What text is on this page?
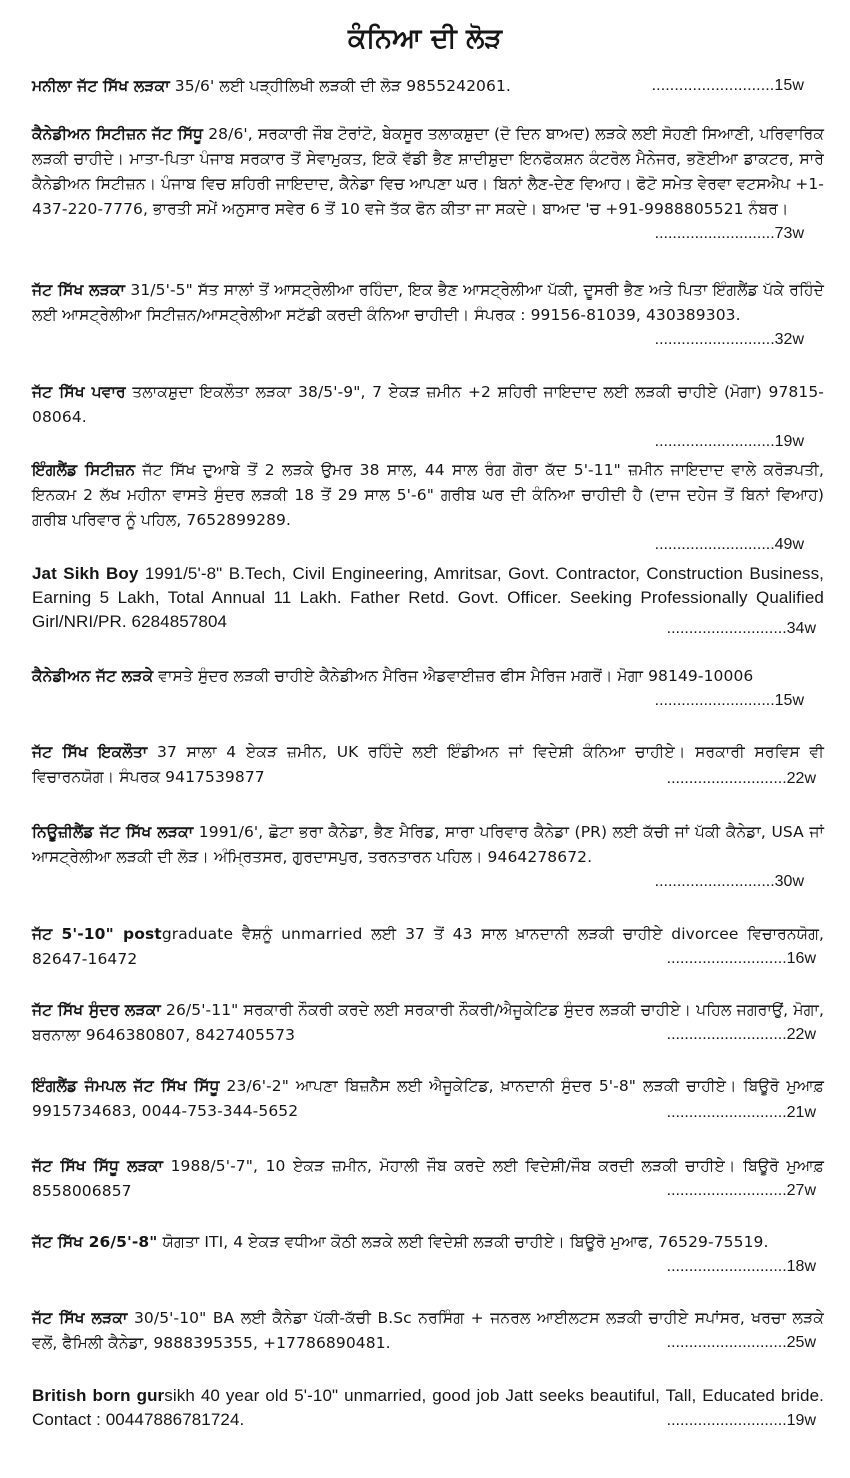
ਕੰਨਿਆ ਦੀ ਲੋੜ

ਮਨੀਲਾ ਜੱਟ ਸਿੱਖ ਲੜਕਾ 35/6' ਲਈ ਪੜ੍ਹੀਲਿਖੀ ਲੜਕੀ ਦੀ ਲੋੜ 9855242061.	...........................15w

ਕੈਨੇਡੀਅਨ ਸਿਟੀਜ਼ਨ ਜੱਟ ਸਿੱਧੂ 28/6', ਸਰਕਾਰੀ ਜੌਬ ਟੋਰਾਂਟੋ, ਬੇਕਸੂਰ ਤਲਾਕਸ਼ੁਦਾ (ਦੋ ਦਿਨ ਬਾਅਦ) ਲੜਕੇ ਲਈ ਸੋਹਣੀ ਸਿਆਣੀ, ਪਰਿਵਾਰਿਕ ਲੜਕੀ ਚਾਹੀਦੇ। ਮਾਤਾ-ਪਿਤਾ ਪੰਜਾਬ ਸਰਕਾਰ ਤੋਂ ਸੇਵਾਮੁਕਤ, ਇਕੋ ਵੱਡੀ ਭੈਣ ਸ਼ਾਦੀਸ਼ੁਦਾ ਇਨਫੋਕਸ਼ਨ ਕੰਟਰੋਲ ਮੈਨੇਜਰ, ਭਣੋਈਆ ਡਾਕਟਰ, ਸਾਰੇ ਕੈਨੇਡੀਅਨ ਸਿਟੀਜ਼ਨ। ਪੰਜਾਬ ਵਿਚ ਸ਼ਹਿਰੀ ਜਾਇਦਾਦ, ਕੈਨੇਡਾ ਵਿਚ ਆਪਣਾ ਘਰ। ਬਿਨਾਂ ਲੈਣ-ਦੇਣ ਵਿਆਹ। ਫੋਟੋ ਸਮੇਤ ਵੇਰਵਾ ਵਟਸਐਪ +1-437-220-7776, ਭਾਰਤੀ ਸਮੇਂ ਅਨੁਸਾਰ ਸਵੇਰ 6 ਤੋਂ 10 ਵਜੇ ਤੱਕ ਫੋਨ ਕੀਤਾ ਜਾ ਸਕਦੇ। ਬਾਅਦ 'ਚ +91-9988805521 ਨੰਬਰ।

...........................73w

ਜੱਟ ਸਿੱਖ ਲੜਕਾ 31/5'-5" ਸੱਤ ਸਾਲਾਂ ਤੋਂ ਆਸਟ੍ਰੇਲੀਆ ਰਹਿੰਦਾ, ਇਕ ਭੈਣ ਆਸਟ੍ਰੇਲੀਆ ਪੱਕੀ, ਦੂਸਰੀ ਭੈਣ ਅਤੇ ਪਿਤਾ ਇੰਗਲੈਂਡ ਪੱਕੇ ਰਹਿੰਦੇ ਲਈ ਆਸਟ੍ਰੇਲੀਆ ਸਿਟੀਜ਼ਨ/ਆਸਟ੍ਰੇਲੀਆ ਸਟੱਡੀ ਕਰਦੀ ਕੰਨਿਆ ਚਾਹੀਦੀ। ਸੰਪਰਕ : 99156-81039, 430389303.

...........................32w

ਜੱਟ ਸਿੱਖ ਪਵਾਰ ਤਲਾਕਸ਼ੁਦਾ ਇਕਲੌਤਾ ਲੜਕਾ 38/5'-9", 7 ਏਕੜ ਜ਼ਮੀਨ +2 ਸ਼ਹਿਰੀ ਜਾਇਦਾਦ ਲਈ ਲੜਕੀ ਚਾਹੀਏ (ਮੋਗਾ) 97815-08064.

...........................19w

ਇੰਗਲੈਂਡ ਸਿਟੀਜ਼ਨ ਜੱਟ ਸਿੱਖ ਦੁਆਬੇ ਤੋਂ 2 ਲੜਕੇ ਉਮਰ 38 ਸਾਲ, 44 ਸਾਲ ਰੰਗ ਗੋਰਾ ਕੱਦ 5'-11" ਜ਼ਮੀਨ ਜਾਇਦਾਦ ਵਾਲੇ ਕਰੋੜਪਤੀ, ਇਨਕਮ 2 ਲੱਖ ਮਹੀਨਾ ਵਾਸਤੇ ਸੁੰਦਰ ਲੜਕੀ 18 ਤੋਂ 29 ਸਾਲ 5'-6" ਗਰੀਬ ਘਰ ਦੀ ਕੰਨਿਆ ਚਾਹੀਦੀ ਹੈ (ਦਾਜ ਦਹੇਜ ਤੋਂ ਬਿਨਾਂ ਵਿਆਹ) ਗਰੀਬ ਪਰਿਵਾਰ ਨੂੰ ਪਹਿਲ, 7652899289.

...........................49w

Jat Sikh Boy 1991/5'-8" B.Tech, Civil Engineering, Amritsar, Govt. Contractor, Construction Business, Earning 5 Lakh, Total Annual 11 Lakh. Father Retd. Govt. Officer. Seeking Professionally Qualified Girl/NRI/PR. 6284857804

ਕੈਨੇਡੀਅਨ ਜੱਟ ਲੜਕੇ ਵਾਸਤੇ ਸੁੰਦਰ ਲੜਕੀ ਚਾਹੀਏ ਕੈਨੇਡੀਅਨ ਮੈਰਿਜ ਐਡਵਾਈਜ਼ਰ ਫੀਸ ਮੈਰਿਜ ਮਗਰੋਂ। ਮੋਗਾ 98149-10006

...........................15w

ਜੱਟ ਸਿੱਖ ਇਕਲੌਤਾ 37 ਸਾਲਾ 4 ਏਕੜ ਜ਼ਮੀਨ, UK ਰਹਿੰਦੇ ਲਈ ਇੰਡੀਅਨ ਜਾਂ ਵਿਦੇਸ਼ੀ ਕੰਨਿਆ ਚਾਹੀਏ। ਸਰਕਾਰੀ ਸਰਵਿਸ ਵੀ ਵਿਚਾਰਨਯੋਗ। ਸੰਪਰਕ 9417539877

ਨਿਊਜ਼ੀਲੈਂਡ ਜੱਟ ਸਿੱਖ ਲੜਕਾ 1991/6', ਛੋਟਾ ਭਰਾ ਕੈਨੇਡਾ, ਭੈਣ ਮੈਰਿਡ, ਸਾਰਾ ਪਰਿਵਾਰ ਕੈਨੇਡਾ (PR) ਲਈ ਕੱਚੀ ਜਾਂ ਪੱਕੀ ਕੈਨੇਡਾ, USA ਜਾਂ ਆਸਟ੍ਰੇਲੀਆ ਲੜਕੀ ਦੀ ਲੋੜ। ਅੰਮ੍ਰਿਤਸਰ, ਗੁਰਦਾਸਪੁਰ, ਤਰਨਤਾਰਨ ਪਹਿਲ। 9464278672.

...........................30w

ਜੱਟ 5'-10" postgraduate ਵੈਸ਼ਨੂੰ unmarried ਲਈ 37 ਤੋਂ 43 ਸਾਲ ਖ਼ਾਨਦਾਨੀ ਲੜਕੀ ਚਾਹੀਏ divorcee ਵਿਚਾਰਨਯੋਗ, 82647-16472

ਜੱਟ ਸਿੱਖ ਸੁੰਦਰ ਲੜਕਾ 26/5'-11" ਸਰਕਾਰੀ ਨੌਕਰੀ ਕਰਦੇ ਲਈ ਸਰਕਾਰੀ ਨੌਕਰੀ/ਐਜੂਕੇਟਿਡ ਸੁੰਦਰ ਲੜਕੀ ਚਾਹੀਏ। ਪਹਿਲ ਜਗਰਾਉਂ, ਮੋਗਾ, ਬਰਨਾਲਾ 9646380807, 8427405573

ਇੰਗਲੈਂਡ ਜੰਮਪਲ ਜੱਟ ਸਿੱਖ ਸਿੱਧੂ 23/6'-2" ਆਪਣਾ ਬਿਜ਼ਨੈੱਸ ਲਈ ਐਜੂਕੇਟਿਡ, ਖ਼ਾਨਦਾਨੀ ਸੁੰਦਰ 5'-8" ਲੜਕੀ ਚਾਹੀਏ। ਬਿਊਰੋ ਮੁਆਫ਼ 9915734683, 0044-753-344-5652

ਜੱਟ ਸਿੱਖ ਸਿੱਧੂ ਲੜਕਾ 1988/5'-7", 10 ਏਕੜ ਜ਼ਮੀਨ, ਮੋਹਾਲੀ ਜੌਬ ਕਰਦੇ ਲਈ ਵਿਦੇਸ਼ੀ/ਜੌਬ ਕਰਦੀ ਲੜਕੀ ਚਾਹੀਏ। ਬਿਊਰੋ ਮੁਆਫ਼ 8558006857

ਜੱਟ ਸਿੱਖ 26/5'-8" ਯੋਗਤਾ ITI, 4 ਏਕੜ ਵਧੀਆ ਕੋਠੀ ਲੜਕੇ ਲਈ ਵਿਦੇਸ਼ੀ ਲੜਕੀ ਚਾਹੀਏ। ਬਿਊਰੋ ਮੁਆਫ, 76529-75519.

ਜੱਟ ਸਿੱਖ ਲੜਕਾ 30/5'-10" BA ਲਈ ਕੈਨੇਡਾ ਪੱਕੀ-ਕੱਚੀ B.Sc ਨਰਸਿੰਗ + ਜਨਰਲ ਆਈਲਟਸ ਲੜਕੀ ਚਾਹੀਏ ਸਪਾਂਸਰ, ਖਰਚਾ ਲੜਕੇ ਵਲੋਂ, ਫੈਮਿਲੀ ਕੈਨੇਡਾ, 9888395355, +17786890481.

British born gursikh 40 year old 5'-10" unmarried, good job Jatt seeks beautiful, Tall, Educated bride. Contact : 00447886781724.

...........................34w
...........................22w
...........................16w
...........................22w
...........................21w
...........................27w
...........................18w
...........................25w
...........................19w
